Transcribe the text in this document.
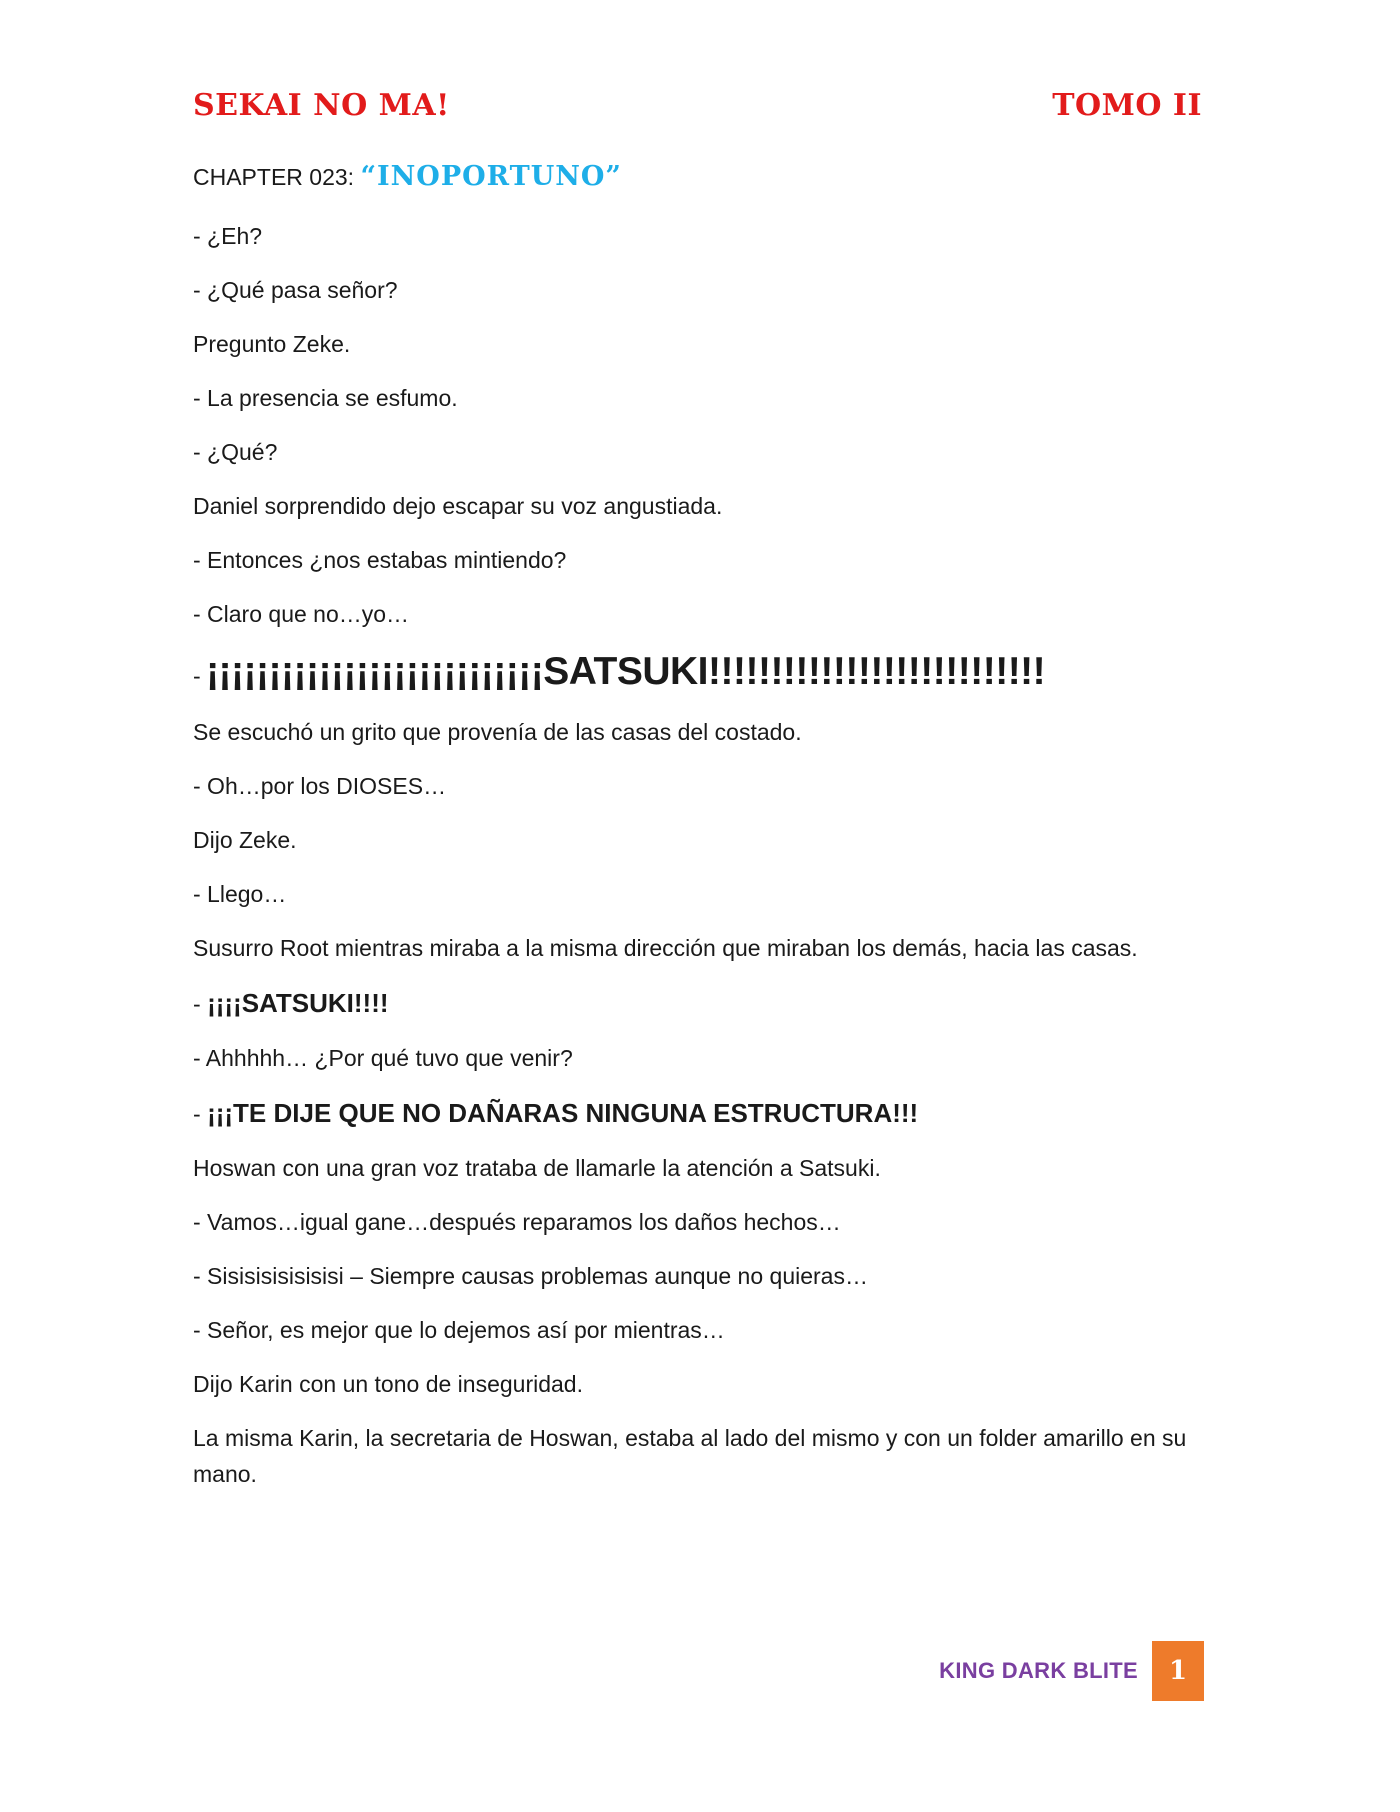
SEKAI NO MA!	TOMO II
CHAPTER 023: “INOPORTUNO”

- ¿Eh?

- ¿Qué pasa señor?

Pregunto Zeke.

- La presencia se esfumo.

- ¿Qué?

Daniel sorprendido dejo escapar su voz angustiada.

- Entonces ¿nos estabas mintiendo?

- Claro que no…yo…

- ¡¡¡¡¡¡¡¡¡¡¡¡¡¡¡¡¡¡¡¡¡¡¡¡¡¡¡SATSUKI!!!!!!!!!!!!!!!!!!!!!!!!!!!

Se escuchó un grito que provenía de las casas del costado.

- Oh…por los DIOSES…

Dijo Zeke.

- Llego…

Susurro Root mientras miraba a la misma dirección que miraban los demás, hacia las casas.

- ¡¡¡¡SATSUKI!!!!

- Ahhhhh… ¿Por qué tuvo que venir?

- ¡¡¡TE DIJE QUE NO DAÑARAS NINGUNA ESTRUCTURA!!!

Hoswan con una gran voz trataba de llamarle la atención a Satsuki.

- Vamos…igual gane…después reparamos los daños hechos…

- Sisisisisisisisi – Siempre causas problemas aunque no quieras…

- Señor, es mejor que lo dejemos así por mientras…

Dijo Karin con un tono de inseguridad.

La misma Karin, la secretaria de Hoswan, estaba al lado del mismo y con un folder amarillo en su mano.

KING DARK BLITE	1
